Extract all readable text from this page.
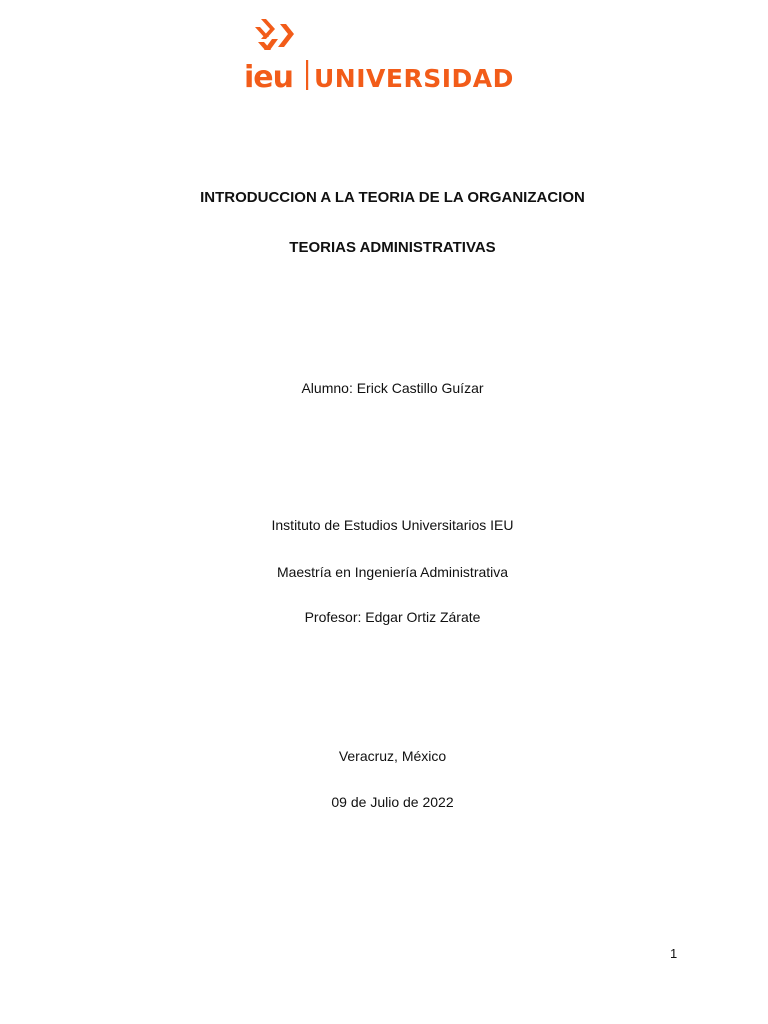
ieu UNIVERSIDAD
INTRODUCCION A LA TEORIA DE LA ORGANIZACION
TEORIAS ADMINISTRATIVAS
Alumno: Erick Castillo Guízar
Instituto de Estudios Universitarios IEU
Maestría en Ingeniería Administrativa
Profesor: Edgar Ortiz Zárate
Veracruz, México
09 de Julio de 2022
1
